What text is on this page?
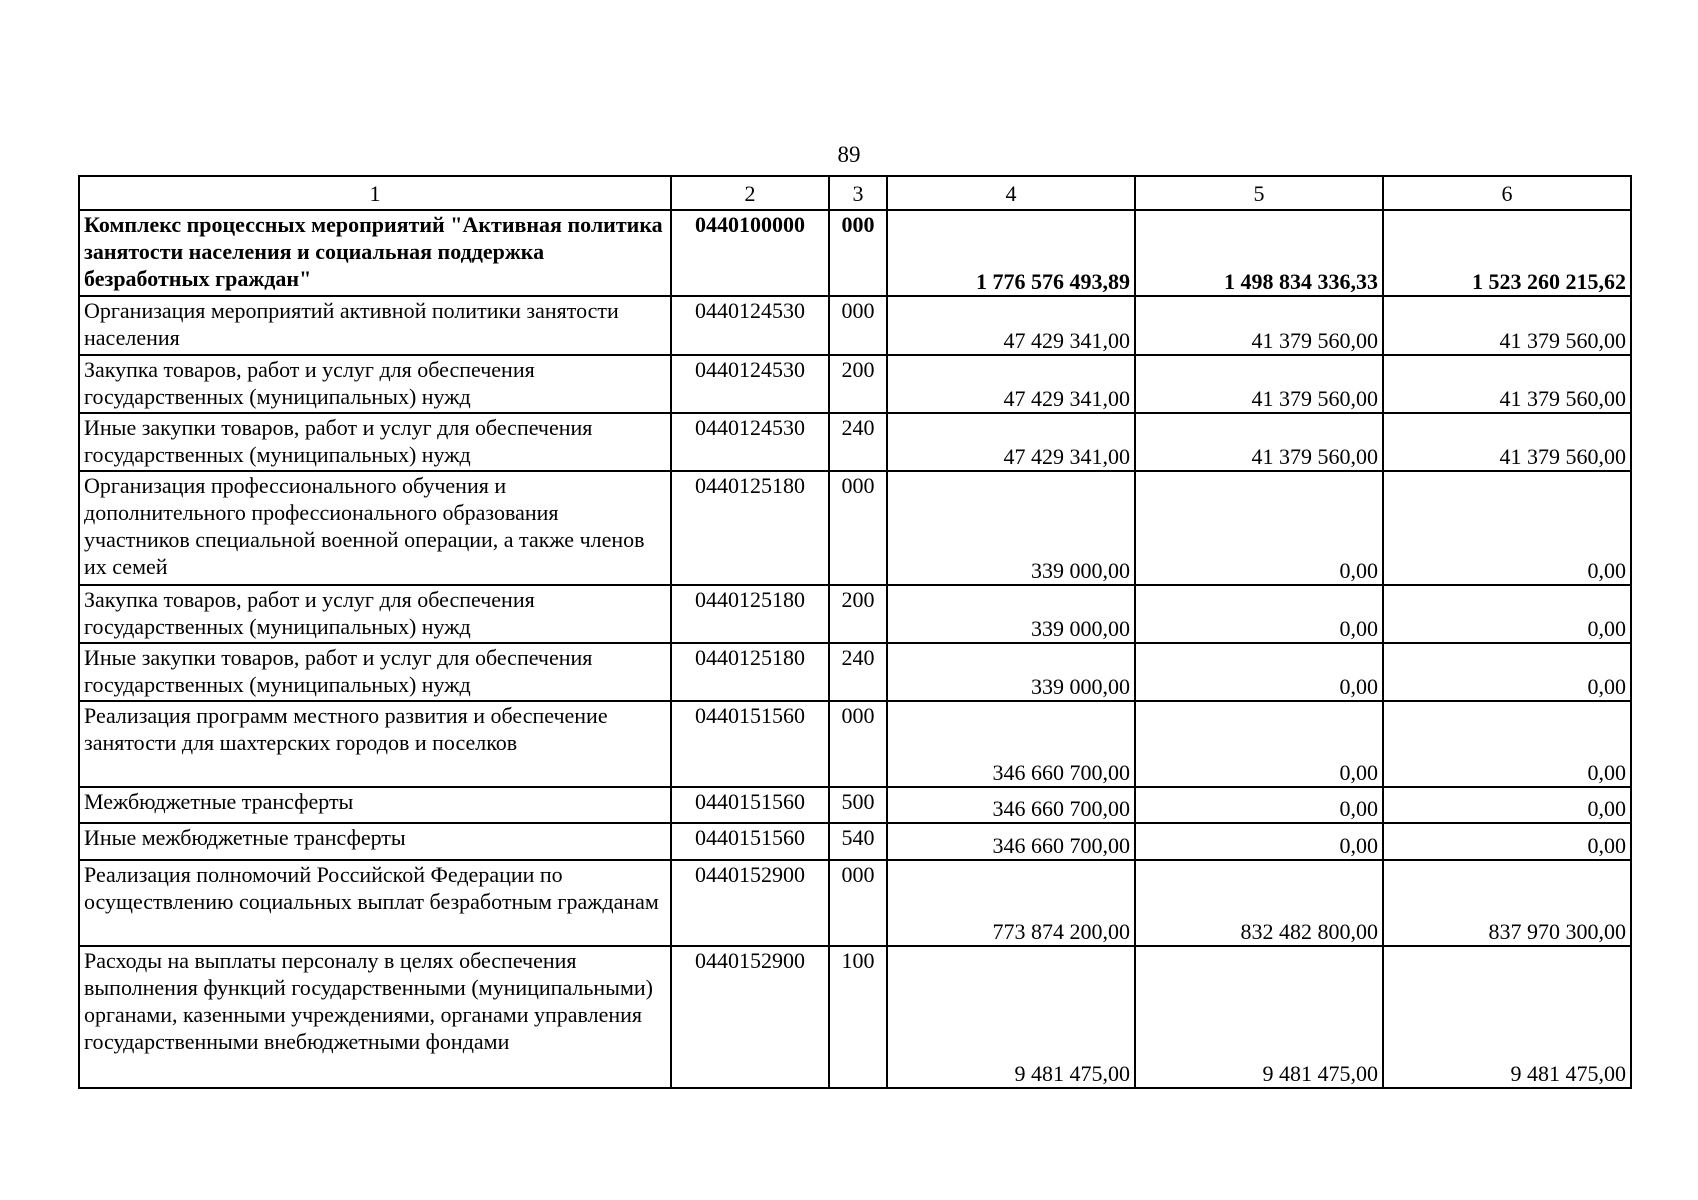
89
1	2	3	4	5	6
Комплекс процессных мероприятий "Активная политика занятости населения и социальная поддержка безработных граждан"	0440100000	000	1 776 576 493,89	1 498 834 336,33	1 523 260 215,62
Организация мероприятий активной политики занятости населения	0440124530	000	47 429 341,00	41 379 560,00	41 379 560,00
Закупка товаров, работ и услуг для обеспечения государственных (муниципальных) нужд	0440124530	200	47 429 341,00	41 379 560,00	41 379 560,00
Иные закупки товаров, работ и услуг для обеспечения государственных (муниципальных) нужд	0440124530	240	47 429 341,00	41 379 560,00	41 379 560,00
Организация профессионального обучения и дополнительного профессионального образования участников специальной военной операции, а также членов их семей	0440125180	000	339 000,00	0,00	0,00
Закупка товаров, работ и услуг для обеспечения государственных (муниципальных) нужд	0440125180	200	339 000,00	0,00	0,00
Иные закупки товаров, работ и услуг для обеспечения государственных (муниципальных) нужд	0440125180	240	339 000,00	0,00	0,00
Реализация программ местного развития и обеспечение занятости для шахтерских городов и поселков	0440151560	000	346 660 700,00	0,00	0,00
Межбюджетные трансферты	0440151560	500	346 660 700,00	0,00	0,00
Иные межбюджетные трансферты	0440151560	540	346 660 700,00	0,00	0,00
Реализация полномочий Российской Федерации по осуществлению социальных выплат безработным гражданам	0440152900	000	773 874 200,00	832 482 800,00	837 970 300,00
Расходы на выплаты персоналу в целях обеспечения выполнения функций государственными (муниципальными) органами, казенными учреждениями, органами управления государственными внебюджетными фондами	0440152900	100	9 481 475,00	9 481 475,00	9 481 475,00
